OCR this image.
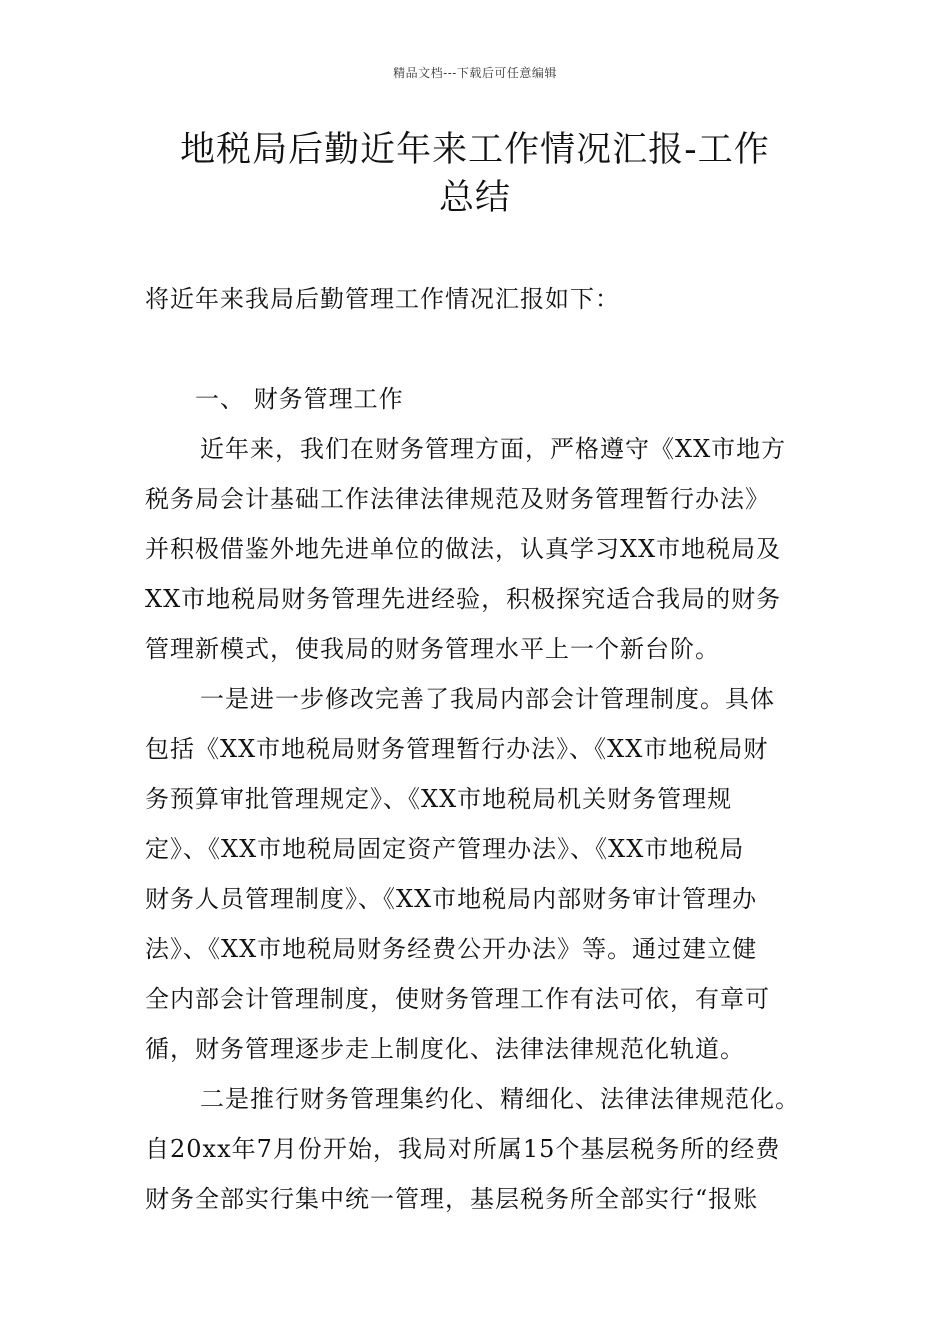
精品文档---下载后可任意编辑
地税局后勤近年来工作情况汇报-工作
总结
将近年来我局后勤管理工作情况汇报如下：
一、 财务管理工作
近年来，我们在财务管理方面，严格遵守《XX市地方
税务局会计基础工作法律法律规范及财务管理暂行办法》
并积极借鉴外地先进单位的做法，认真学习XX市地税局及
XX市地税局财务管理先进经验，积极探究适合我局的财务
管理新模式，使我局的财务管理水平上一个新台阶。
一是进一步修改完善了我局内部会计管理制度。具体
包括《XX市地税局财务管理暂行办法》、《XX市地税局财
务预算审批管理规定》、《XX市地税局机关财务管理规
定》、《XX市地税局固定资产管理办法》、《XX市地税局
财务人员管理制度》、《XX市地税局内部财务审计管理办
法》、《XX市地税局财务经费公开办法》等。通过建立健
全内部会计管理制度，使财务管理工作有法可依，有章可
循，财务管理逐步走上制度化、法律法律规范化轨道。
二是推行财务管理集约化、精细化、法律法律规范化。
自20xx年7月份开始，我局对所属15个基层税务所的经费
财务全部实行集中统一管理，基层税务所全部实行“报账
